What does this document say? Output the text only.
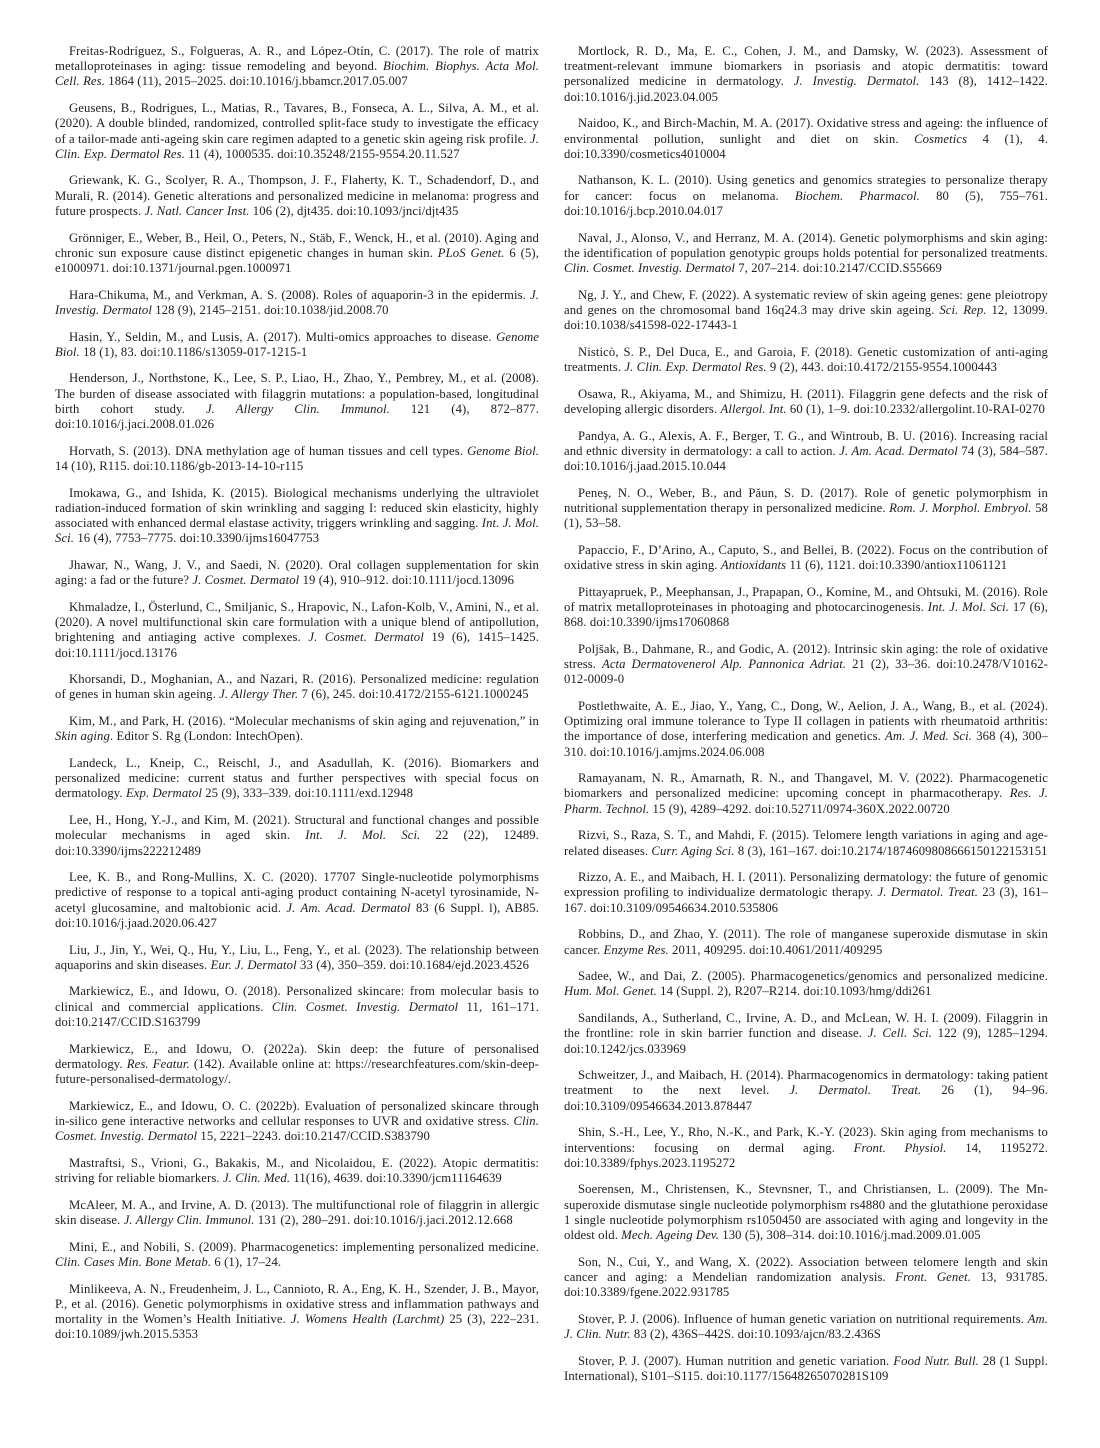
Freitas-Rodríguez, S., Folgueras, A. R., and López-Otín, C. (2017). The role of matrix metalloproteinases in aging: tissue remodeling and beyond. Biochim. Biophys. Acta Mol. Cell. Res. 1864 (11), 2015–2025. doi:10.1016/j.bbamcr.2017.05.007

Geusens, B., Rodrigues, L., Matias, R., Tavares, B., Fonseca, A. L., Silva, A. M., et al. (2020). A double blinded, randomized, controlled split-face study to investigate the efficacy of a tailor-made anti-ageing skin care regimen adapted to a genetic skin ageing risk profile. J. Clin. Exp. Dermatol Res. 11 (4), 1000535. doi:10.35248/2155-9554.20.11.527

Griewank, K. G., Scolyer, R. A., Thompson, J. F., Flaherty, K. T., Schadendorf, D., and Murali, R. (2014). Genetic alterations and personalized medicine in melanoma: progress and future prospects. J. Natl. Cancer Inst. 106 (2), djt435. doi:10.1093/jnci/djt435

Grönniger, E., Weber, B., Heil, O., Peters, N., Stäb, F., Wenck, H., et al. (2010). Aging and chronic sun exposure cause distinct epigenetic changes in human skin. PLoS Genet. 6 (5), e1000971. doi:10.1371/journal.pgen.1000971

Hara-Chikuma, M., and Verkman, A. S. (2008). Roles of aquaporin-3 in the epidermis. J. Investig. Dermatol 128 (9), 2145–2151. doi:10.1038/jid.2008.70

Hasin, Y., Seldin, M., and Lusis, A. (2017). Multi-omics approaches to disease. Genome Biol. 18 (1), 83. doi:10.1186/s13059-017-1215-1

Henderson, J., Northstone, K., Lee, S. P., Liao, H., Zhao, Y., Pembrey, M., et al. (2008). The burden of disease associated with filaggrin mutations: a population-based, longitudinal birth cohort study. J. Allergy Clin. Immunol. 121 (4), 872–877. doi:10.1016/j.jaci.2008.01.026

Horvath, S. (2013). DNA methylation age of human tissues and cell types. Genome Biol. 14 (10), R115. doi:10.1186/gb-2013-14-10-r115

Imokawa, G., and Ishida, K. (2015). Biological mechanisms underlying the ultraviolet radiation-induced formation of skin wrinkling and sagging I: reduced skin elasticity, highly associated with enhanced dermal elastase activity, triggers wrinkling and sagging. Int. J. Mol. Sci. 16 (4), 7753–7775. doi:10.3390/ijms16047753

Jhawar, N., Wang, J. V., and Saedi, N. (2020). Oral collagen supplementation for skin aging: a fad or the future? J. Cosmet. Dermatol 19 (4), 910–912. doi:10.1111/jocd.13096

Khmaladze, I., Österlund, C., Smiljanic, S., Hrapovic, N., Lafon-Kolb, V., Amini, N., et al. (2020). A novel multifunctional skin care formulation with a unique blend of antipollution, brightening and antiaging active complexes. J. Cosmet. Dermatol 19 (6), 1415–1425. doi:10.1111/jocd.13176

Khorsandi, D., Moghanian, A., and Nazari, R. (2016). Personalized medicine: regulation of genes in human skin ageing. J. Allergy Ther. 7 (6), 245. doi:10.4172/2155-6121.1000245

Kim, M., and Park, H. (2016). “Molecular mechanisms of skin aging and rejuvenation,” in Skin aging. Editor S. Rg (London: IntechOpen).

Landeck, L., Kneip, C., Reischl, J., and Asadullah, K. (2016). Biomarkers and personalized medicine: current status and further perspectives with special focus on dermatology. Exp. Dermatol 25 (9), 333–339. doi:10.1111/exd.12948

Lee, H., Hong, Y.-J., and Kim, M. (2021). Structural and functional changes and possible molecular mechanisms in aged skin. Int. J. Mol. Sci. 22 (22), 12489. doi:10.3390/ijms222212489

Lee, K. B., and Rong-Mullins, X. C. (2020). 17707 Single-nucleotide polymorphisms predictive of response to a topical anti-aging product containing N-acetyl tyrosinamide, N-acetyl glucosamine, and maltobionic acid. J. Am. Acad. Dermatol 83 (6 Suppl. l), AB85. doi:10.1016/j.jaad.2020.06.427

Liu, J., Jin, Y., Wei, Q., Hu, Y., Liu, L., Feng, Y., et al. (2023). The relationship between aquaporins and skin diseases. Eur. J. Dermatol 33 (4), 350–359. doi:10.1684/ejd.2023.4526

Markiewicz, E., and Idowu, O. (2018). Personalized skincare: from molecular basis to clinical and commercial applications. Clin. Cosmet. Investig. Dermatol 11, 161–171. doi:10.2147/CCID.S163799

Markiewicz, E., and Idowu, O. (2022a). Skin deep: the future of personalised dermatology. Res. Featur. (142). Available online at: https://researchfeatures.com/skin-deep-future-personalised-dermatology/.

Markiewicz, E., and Idowu, O. C. (2022b). Evaluation of personalized skincare through in-silico gene interactive networks and cellular responses to UVR and oxidative stress. Clin. Cosmet. Investig. Dermatol 15, 2221–2243. doi:10.2147/CCID.S383790

Mastraftsi, S., Vrioni, G., Bakakis, M., and Nicolaidou, E. (2022). Atopic dermatitis: striving for reliable biomarkers. J. Clin. Med. 11(16), 4639. doi:10.3390/jcm11164639

McAleer, M. A., and Irvine, A. D. (2013). The multifunctional role of filaggrin in allergic skin disease. J. Allergy Clin. Immunol. 131 (2), 280–291. doi:10.1016/j.jaci.2012.12.668

Mini, E., and Nobili, S. (2009). Pharmacogenetics: implementing personalized medicine. Clin. Cases Min. Bone Metab. 6 (1), 17–24.

Minlikeeva, A. N., Freudenheim, J. L., Cannioto, R. A., Eng, K. H., Szender, J. B., Mayor, P., et al. (2016). Genetic polymorphisms in oxidative stress and inflammation pathways and mortality in the Women’s Health Initiative. J. Womens Health (Larchmt) 25 (3), 222–231. doi:10.1089/jwh.2015.5353

Mortlock, R. D., Ma, E. C., Cohen, J. M., and Damsky, W. (2023). Assessment of treatment-relevant immune biomarkers in psoriasis and atopic dermatitis: toward personalized medicine in dermatology. J. Investig. Dermatol. 143 (8), 1412–1422. doi:10.1016/j.jid.2023.04.005

Naidoo, K., and Birch-Machin, M. A. (2017). Oxidative stress and ageing: the influence of environmental pollution, sunlight and diet on skin. Cosmetics 4 (1), 4. doi:10.3390/cosmetics4010004

Nathanson, K. L. (2010). Using genetics and genomics strategies to personalize therapy for cancer: focus on melanoma. Biochem. Pharmacol. 80 (5), 755–761. doi:10.1016/j.bcp.2010.04.017

Naval, J., Alonso, V., and Herranz, M. A. (2014). Genetic polymorphisms and skin aging: the identification of population genotypic groups holds potential for personalized treatments. Clin. Cosmet. Investig. Dermatol 7, 207–214. doi:10.2147/CCID.S55669

Ng, J. Y., and Chew, F. (2022). A systematic review of skin ageing genes: gene pleiotropy and genes on the chromosomal band 16q24.3 may drive skin ageing. Sci. Rep. 12, 13099. doi:10.1038/s41598-022-17443-1

Nisticò, S. P., Del Duca, E., and Garoia, F. (2018). Genetic customization of anti-aging treatments. J. Clin. Exp. Dermatol Res. 9 (2), 443. doi:10.4172/2155-9554.1000443

Osawa, R., Akiyama, M., and Shimizu, H. (2011). Filaggrin gene defects and the risk of developing allergic disorders. Allergol. Int. 60 (1), 1–9. doi:10.2332/allergolint.10-RAI-0270

Pandya, A. G., Alexis, A. F., Berger, T. G., and Wintroub, B. U. (2016). Increasing racial and ethnic diversity in dermatology: a call to action. J. Am. Acad. Dermatol 74 (3), 584–587. doi:10.1016/j.jaad.2015.10.044

Peneş, N. O., Weber, B., and Păun, S. D. (2017). Role of genetic polymorphism in nutritional supplementation therapy in personalized medicine. Rom. J. Morphol. Embryol. 58 (1), 53–58.

Papaccio, F., D’Arino, A., Caputo, S., and Bellei, B. (2022). Focus on the contribution of oxidative stress in skin aging. Antioxidants 11 (6), 1121. doi:10.3390/antiox11061121

Pittayapruek, P., Meephansan, J., Prapapan, O., Komine, M., and Ohtsuki, M. (2016). Role of matrix metalloproteinases in photoaging and photocarcinogenesis. Int. J. Mol. Sci. 17 (6), 868. doi:10.3390/ijms17060868

Poljšak, B., Dahmane, R., and Godic, A. (2012). Intrinsic skin aging: the role of oxidative stress. Acta Dermatovenerol Alp. Pannonica Adriat. 21 (2), 33–36. doi:10.2478/V10162-012-0009-0

Postlethwaite, A. E., Jiao, Y., Yang, C., Dong, W., Aelion, J. A., Wang, B., et al. (2024). Optimizing oral immune tolerance to Type II collagen in patients with rheumatoid arthritis: the importance of dose, interfering medication and genetics. Am. J. Med. Sci. 368 (4), 300–310. doi:10.1016/j.amjms.2024.06.008

Ramayanam, N. R., Amarnath, R. N., and Thangavel, M. V. (2022). Pharmacogenetic biomarkers and personalized medicine: upcoming concept in pharmacotherapy. Res. J. Pharm. Technol. 15 (9), 4289–4292. doi:10.52711/0974-360X.2022.00720

Rizvi, S., Raza, S. T., and Mahdi, F. (2015). Telomere length variations in aging and age-related diseases. Curr. Aging Sci. 8 (3), 161–167. doi:10.2174/1874609808666150122153151

Rizzo, A. E., and Maibach, H. I. (2011). Personalizing dermatology: the future of genomic expression profiling to individualize dermatologic therapy. J. Dermatol. Treat. 23 (3), 161–167. doi:10.3109/09546634.2010.535806

Robbins, D., and Zhao, Y. (2011). The role of manganese superoxide dismutase in skin cancer. Enzyme Res. 2011, 409295. doi:10.4061/2011/409295

Sadee, W., and Dai, Z. (2005). Pharmacogenetics/genomics and personalized medicine. Hum. Mol. Genet. 14 (Suppl. 2), R207–R214. doi:10.1093/hmg/ddi261

Sandilands, A., Sutherland, C., Irvine, A. D., and McLean, W. H. I. (2009). Filaggrin in the frontline: role in skin barrier function and disease. J. Cell. Sci. 122 (9), 1285–1294. doi:10.1242/jcs.033969

Schweitzer, J., and Maibach, H. (2014). Pharmacogenomics in dermatology: taking patient treatment to the next level. J. Dermatol. Treat. 26 (1), 94–96. doi:10.3109/09546634.2013.878447

Shin, S.-H., Lee, Y., Rho, N.-K., and Park, K.-Y. (2023). Skin aging from mechanisms to interventions: focusing on dermal aging. Front. Physiol. 14, 1195272. doi:10.3389/fphys.2023.1195272

Soerensen, M., Christensen, K., Stevnsner, T., and Christiansen, L. (2009). The Mn-superoxide dismutase single nucleotide polymorphism rs4880 and the glutathione peroxidase 1 single nucleotide polymorphism rs1050450 are associated with aging and longevity in the oldest old. Mech. Ageing Dev. 130 (5), 308–314. doi:10.1016/j.mad.2009.01.005

Son, N., Cui, Y., and Wang, X. (2022). Association between telomere length and skin cancer and aging: a Mendelian randomization analysis. Front. Genet. 13, 931785. doi:10.3389/fgene.2022.931785

Stover, P. J. (2006). Influence of human genetic variation on nutritional requirements. Am. J. Clin. Nutr. 83 (2), 436S–442S. doi:10.1093/ajcn/83.2.436S

Stover, P. J. (2007). Human nutrition and genetic variation. Food Nutr. Bull. 28 (1 Suppl. International), S101–S115. doi:10.1177/15648265070281S109
